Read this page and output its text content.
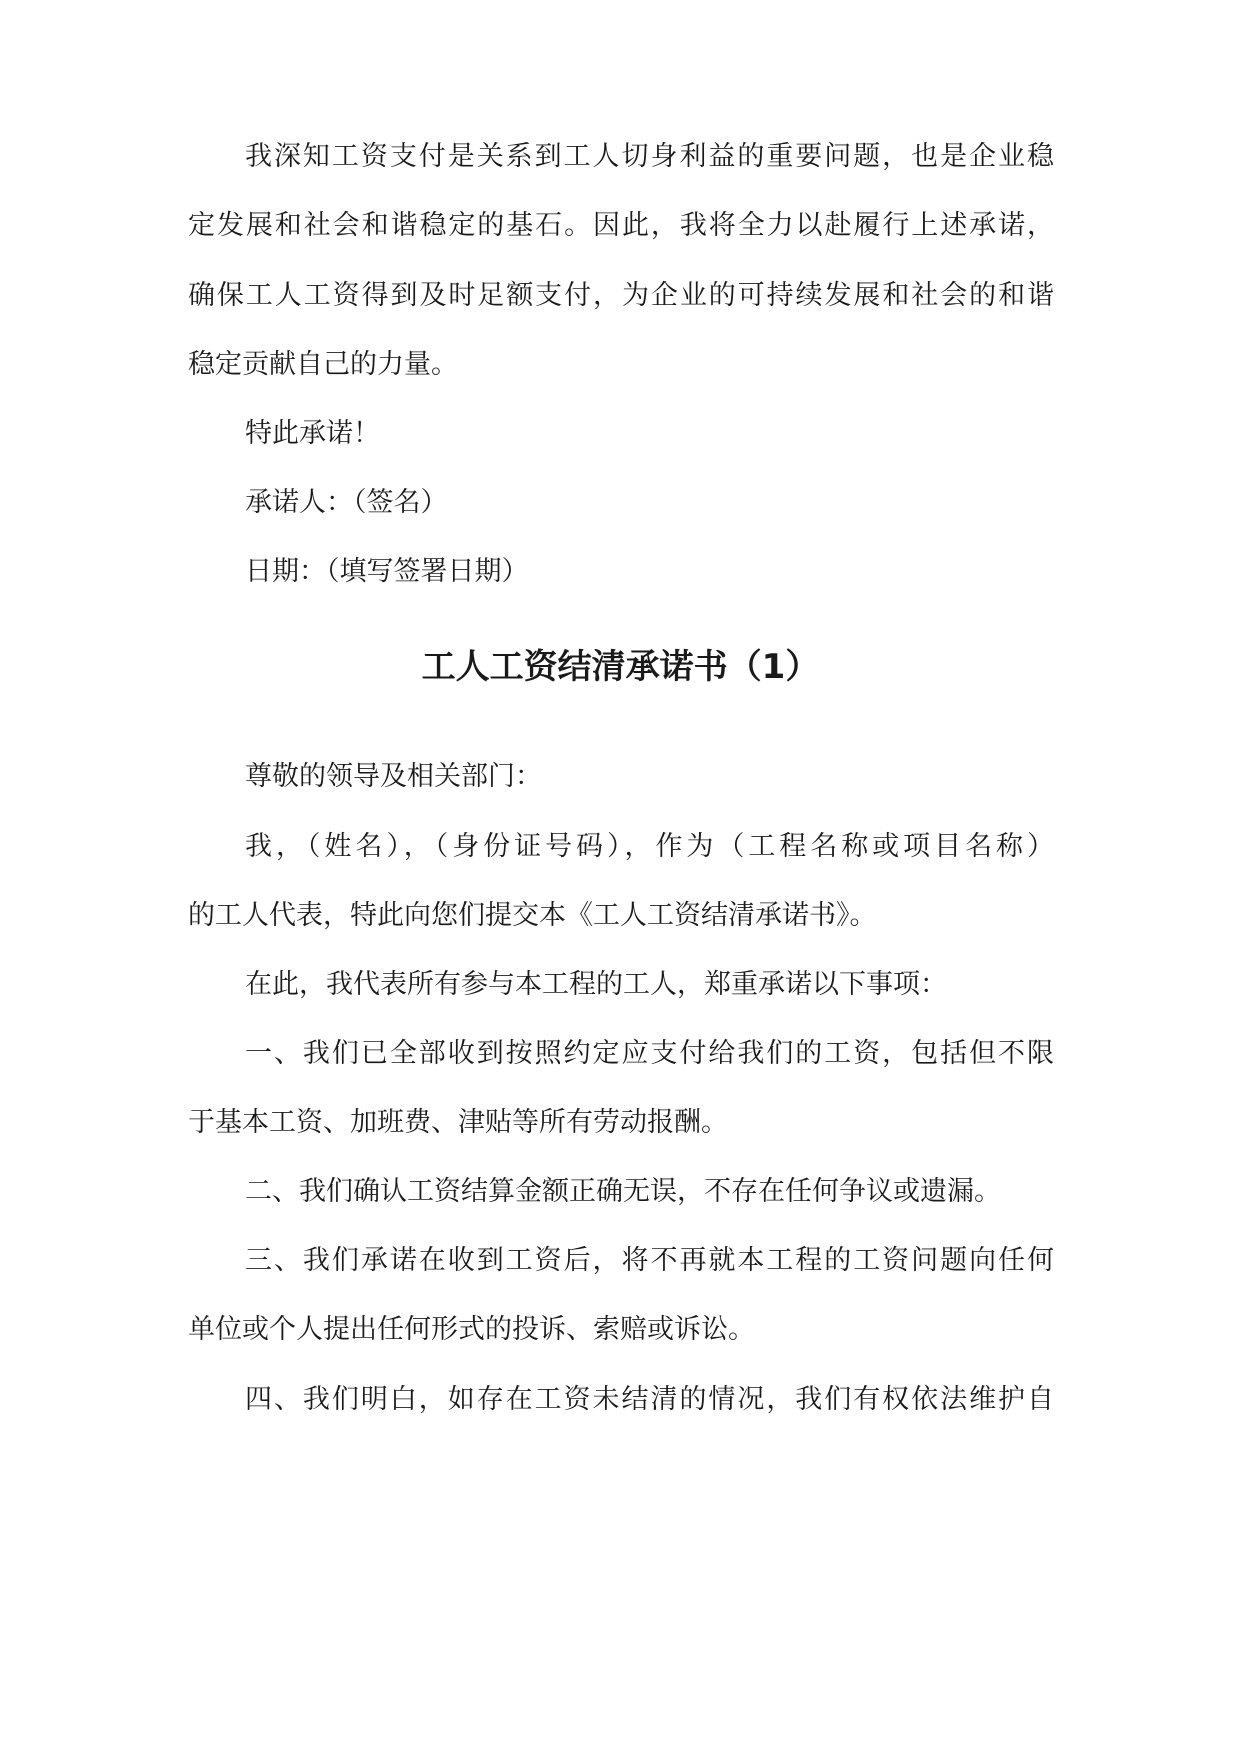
我深知工资支付是关系到工人切身利益的重要问题，也是企业稳
定发展和社会和谐稳定的基石。因此，我将全力以赴履行上述承诺，
确保工人工资得到及时足额支付，为企业的可持续发展和社会的和谐
稳定贡献自己的力量。
特此承诺！
承诺人：（签名）
日期：（填写签署日期）
工人工资结清承诺书（1）
尊敬的领导及相关部门：
我，（姓名），（身份证号码），作为（工程名称或项目名称）
的工人代表，特此向您们提交本《工人工资结清承诺书》。
在此，我代表所有参与本工程的工人，郑重承诺以下事项：
一、我们已全部收到按照约定应支付给我们的工资，包括但不限
于基本工资、加班费、津贴等所有劳动报酬。
二、我们确认工资结算金额正确无误，不存在任何争议或遗漏。
三、我们承诺在收到工资后，将不再就本工程的工资问题向任何
单位或个人提出任何形式的投诉、索赔或诉讼。
四、我们明白，如存在工资未结清的情况，我们有权依法维护自
